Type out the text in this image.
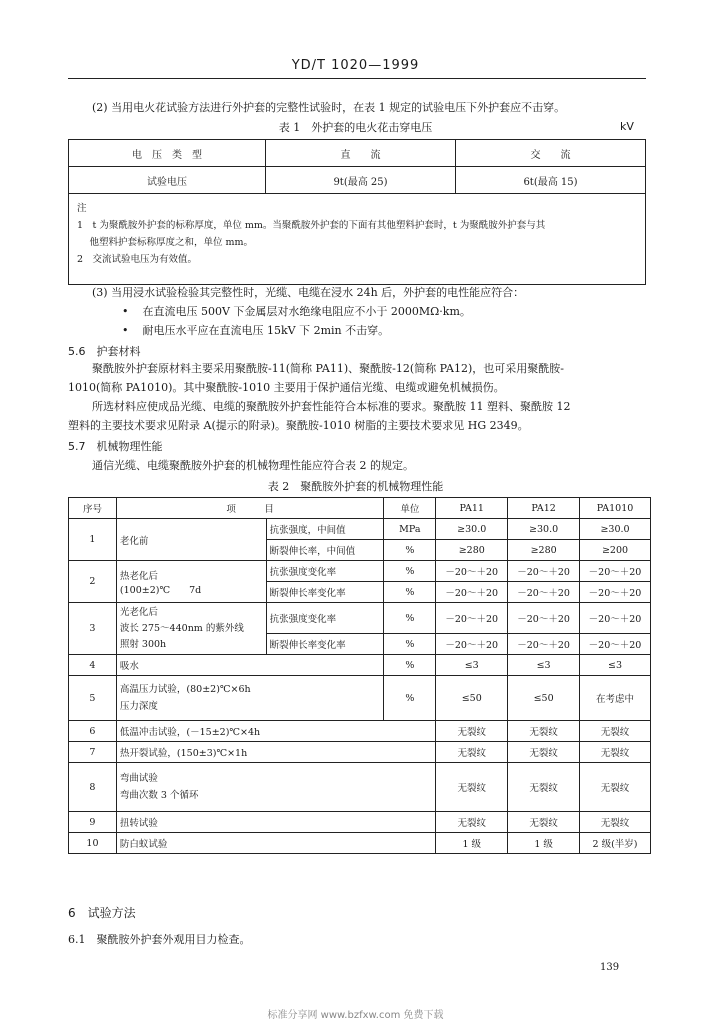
YD/T 1020—1999
(2) 当用电火花试验方法进行外护套的完整性试验时，在表 1 规定的试验电压下外护套应不击穿。
表 1　外护套的电火花击穿电压	kV
电　压　类　型	直　　流	交　　流
试验电压	9t(最高 25)	6t(最高 15)

注
1　t 为聚酰胺外护套的标称厚度，单位 mm。当聚酰胺外护套的下面有其他塑料护套时，t 为聚酰胺外护套与其
　 他塑料护套标称厚度之和，单位 mm。
2　交流试验电压为有效值。		
(3) 当用浸水试验检验其完整性时，光缆、电缆在浸水 24h 后，外护套的电性能应符合：
•    在直流电压 500V 下金属层对水绝缘电阻应不小于 2000MΩ·km。
•    耐电压水平应在直流电压 15kV 下 2min 不击穿。
5.6　护套材料
聚酰胺外护套原材料主要采用聚酰胺-11(简称 PA11)、聚酰胺-12(简称 PA12)，也可采用聚酰胺-
1010(简称 PA1010)。其中聚酰胺-1010 主要用于保护通信光缆、电缆或避免机械损伤。
所选材料应使成品光缆、电缆的聚酰胺外护套性能符合本标准的要求。聚酰胺 11 塑料、聚酰胺 12
塑料的主要技术要求见附录 A(提示的附录)。聚酰胺-1010 树脂的主要技术要求见 HG 2349。
5.7　机械物理性能
通信光缆、电缆聚酰胺外护套的机械物理性能应符合表 2 的规定。
表 2　聚酰胺外护套的机械物理性能
序号	项　　　目		单位	PA11	PA12	PA1010
1	老化前	抗张强度，中间值	MPa	≥30.0	≥30.0	≥30.0
		断裂伸长率，中间值	%	≥280	≥280	≥200
2	热老化后
(100±2)℃　　7d	抗张强度变化率	%	－20～＋20	－20～＋20	－20～＋20
		断裂伸长率变化率	%	－20～＋20	－20～＋20	－20～＋20
3	光老化后
波长 275～440nm 的紫外线
照射 300h	抗张强度变化率	%	－20～＋20	－20～＋20	－20～＋20
		断裂伸长率变化率	%	－20～＋20	－20～＋20	－20～＋20
4	吸水		%	≤3	≤3	≤3
5	高温压力试验，(80±2)℃×6h
压力深度		%	≤50	≤50	在考虑中
6	低温冲击试验，(－15±2)℃×4h			无裂纹	无裂纹	无裂纹
7	热开裂试验，(150±3)℃×1h			无裂纹	无裂纹	无裂纹
8	弯曲试验
弯曲次数 3 个循环			无裂纹	无裂纹	无裂纹
9	扭转试验			无裂纹	无裂纹	无裂纹
10	防白蚁试验			1 级	1 级	2 级(半岁)
6　试验方法
6.1　聚酰胺外护套外观用目力检查。
139
标准分享网 www.bzfxw.com 免费下载
